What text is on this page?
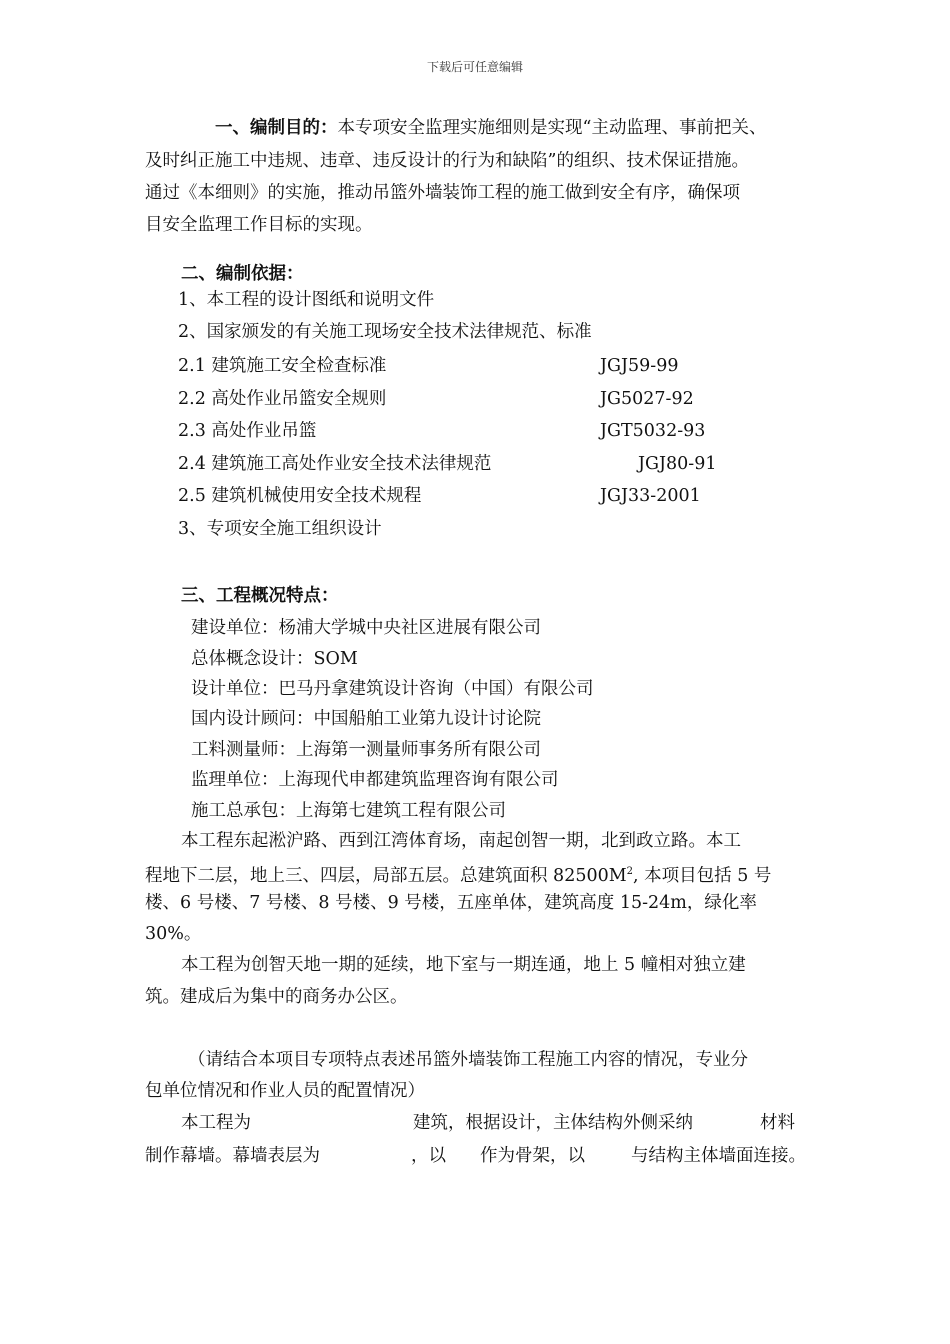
下载后可任意编辑
一、编制目的：本专项安全监理实施细则是实现“主动监理、事前把关、
及时纠正施工中违规、违章、违反设计的行为和缺陷”的组织、技术保证措施。
通过《本细则》的实施，推动吊篮外墙装饰工程的施工做到安全有序，确保项
目安全监理工作目标的实现。
二、编制依据：
1、本工程的设计图纸和说明文件
2、国家颁发的有关施工现场安全技术法律规范、标准
2.1 建筑施工安全检查标准	JGJ59-99
2.2 高处作业吊篮安全规则	JG5027-92
2.3 高处作业吊篮	JGT5032-93
2.4 建筑施工高处作业安全技术法律规范	JGJ80-91
2.5 建筑机械使用安全技术规程	JGJ33-2001
3、专项安全施工组织设计
三、工程概况特点：
建设单位：杨浦大学城中央社区进展有限公司
总体概念设计：SOM
设计单位：巴马丹拿建筑设计咨询（中国）有限公司
国内设计顾问：中国船舶工业第九设计讨论院
工料测量师：上海第一测量师事务所有限公司
监理单位：上海现代申都建筑监理咨询有限公司
施工总承包：上海第七建筑工程有限公司
本工程东起淞沪路、西到江湾体育场，南起创智一期，北到政立路。本工
程地下二层，地上三、四层，局部五层。总建筑面积 $82500M^2$, 本项目包括 5 号
楼、6 号楼、7 号楼、8 号楼、9 号楼，五座单体，建筑高度 15-24m，绿化率
30%。
本工程为创智天地一期的延续，地下室与一期连通，地上 5 幢相对独立建
筑。建成后为集中的商务办公区。
（请结合本项目专项特点表述吊篮外墙装饰工程施工内容的情况，专业分
包单位情况和作业人员的配置情况）
本工程为	建筑，根据设计，主体结构外侧采纳	材料
制作幕墙。幕墙表层为	，以 作为骨架，以	与结构主体墙面连接。
